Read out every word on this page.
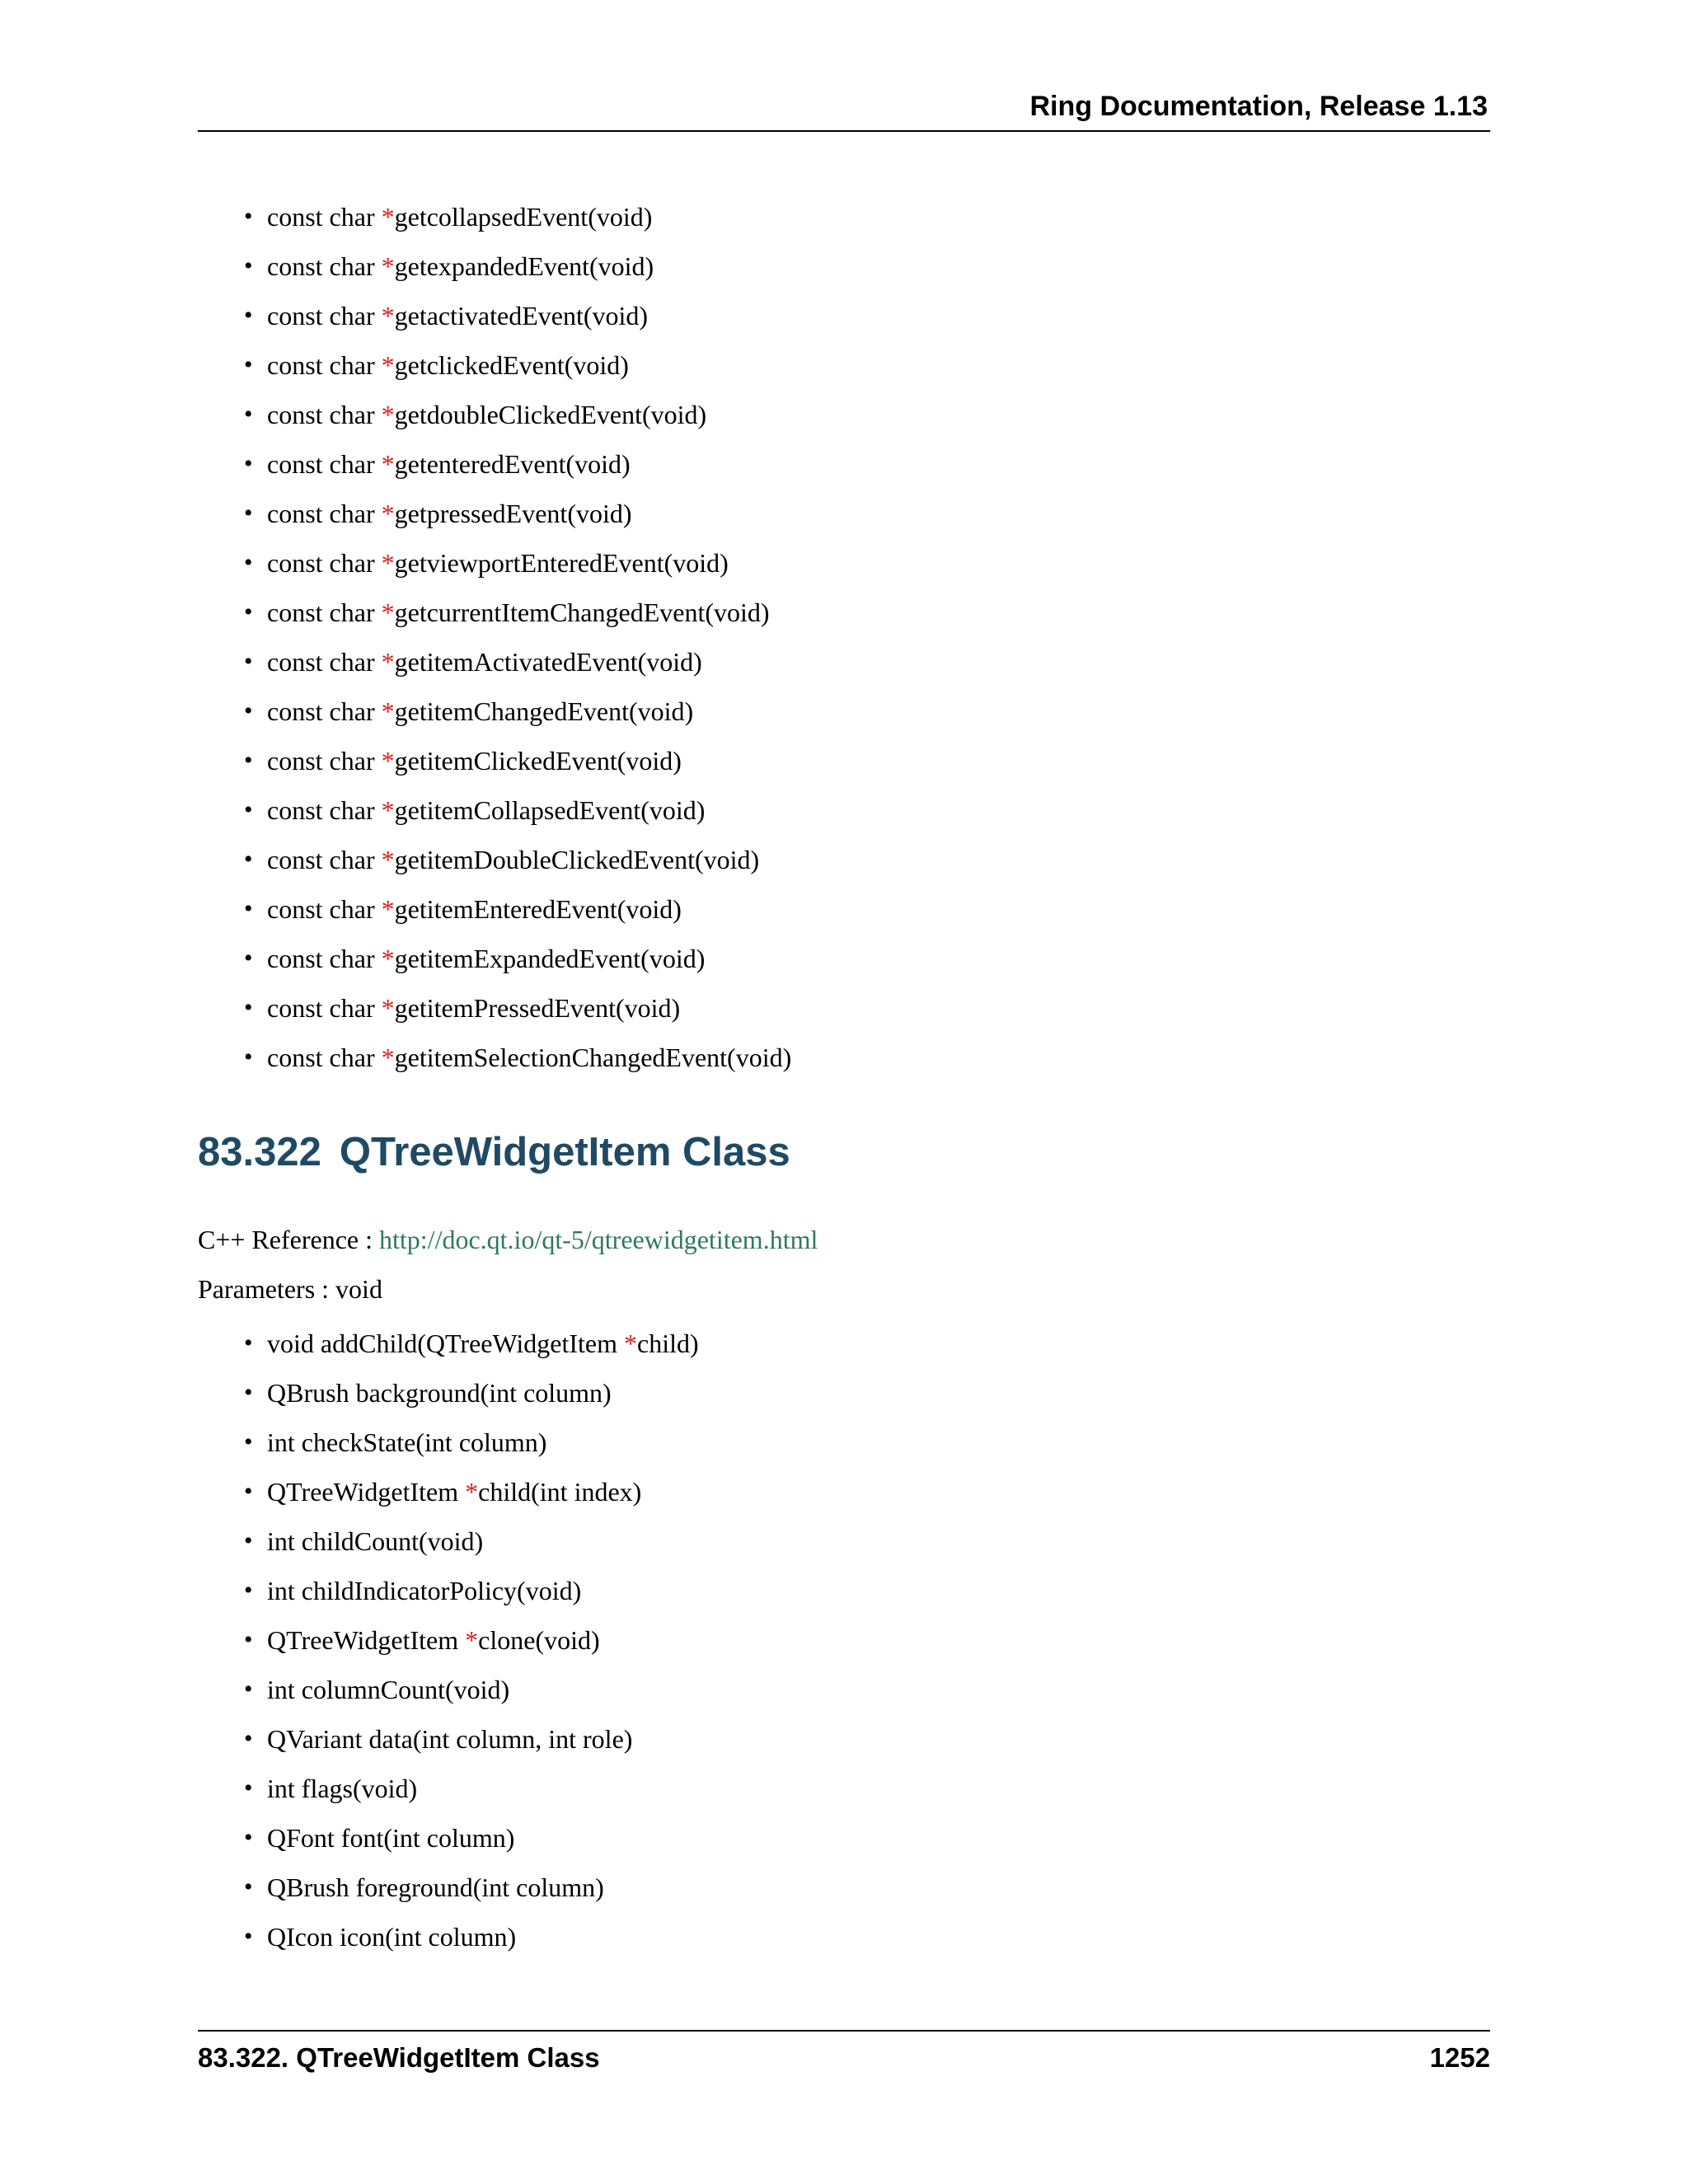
Ring Documentation, Release 1.13
• const char *getcollapsedEvent(void)
• const char *getexpandedEvent(void)
• const char *getactivatedEvent(void)
• const char *getclickedEvent(void)
• const char *getdoubleClickedEvent(void)
• const char *getenteredEvent(void)
• const char *getpressedEvent(void)
• const char *getviewportEnteredEvent(void)
• const char *getcurrentItemChangedEvent(void)
• const char *getitemActivatedEvent(void)
• const char *getitemChangedEvent(void)
• const char *getitemClickedEvent(void)
• const char *getitemCollapsedEvent(void)
• const char *getitemDoubleClickedEvent(void)
• const char *getitemEnteredEvent(void)
• const char *getitemExpandedEvent(void)
• const char *getitemPressedEvent(void)
• const char *getitemSelectionChangedEvent(void)
83.322 QTreeWidgetItem Class
C++ Reference : http://doc.qt.io/qt-5/qtreewidgetitem.html
Parameters : void
• void addChild(QTreeWidgetItem *child)
• QBrush background(int column)
• int checkState(int column)
• QTreeWidgetItem *child(int index)
• int childCount(void)
• int childIndicatorPolicy(void)
• QTreeWidgetItem *clone(void)
• int columnCount(void)
• QVariant data(int column, int role)
• int flags(void)
• QFont font(int column)
• QBrush foreground(int column)
• QIcon icon(int column)
83.322. QTreeWidgetItem Class	1252
